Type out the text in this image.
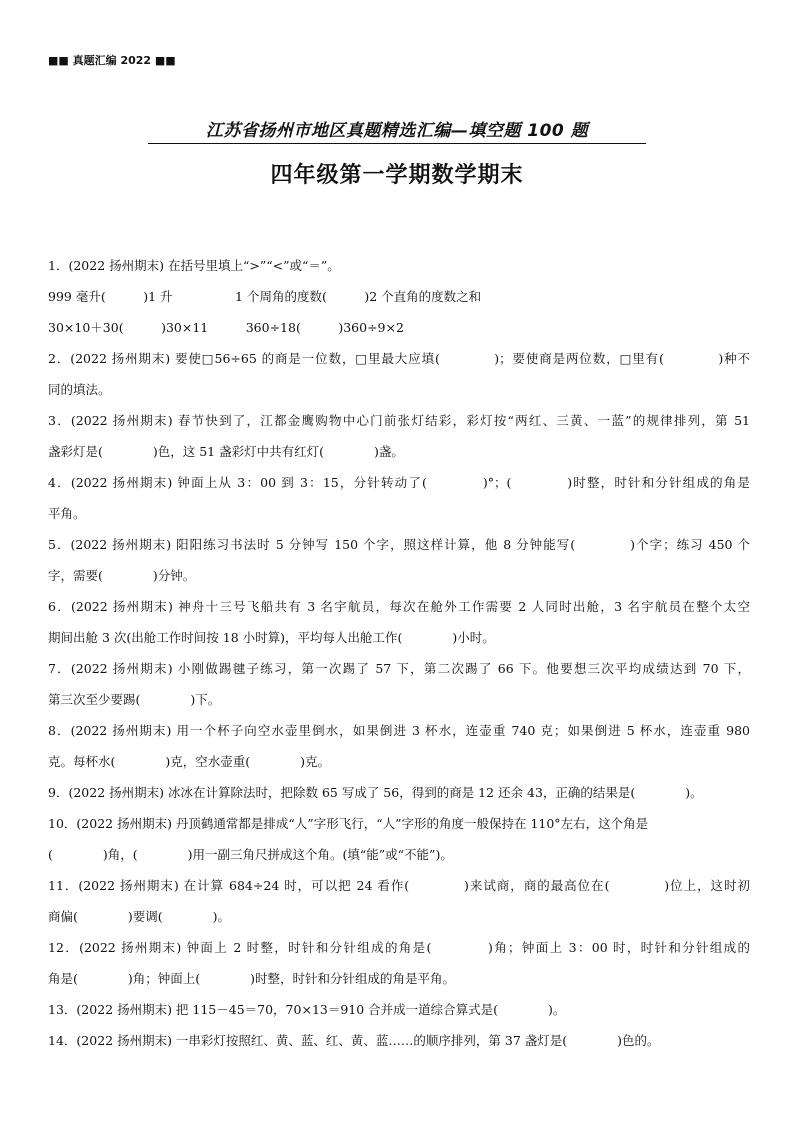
■■ 真题汇编 2022 ■■
江苏省扬州市地区真题精选汇编—填空题 100 题
四年级第一学期数学期末
1．(2022 扬州期末) 在括号里填上“>”“<”或“＝”。
999 毫升(　　　)1 升　　　　　1 个周角的度数(　　　)2 个直角的度数之和
30×10＋30(　　　)30×11　　　360÷18(　　　)360÷9×2
2．(2022 扬州期末) 要使□56÷65 的商是一位数，□里最大应填(　　　　)；要使商是两位数，□里有(　　　　)种不
同的填法。
3．(2022 扬州期末) 春节快到了，江都金鹰购物中心门前张灯结彩，彩灯按“两红、三黄、一蓝”的规律排列，第 51
盏彩灯是(　　　　)色，这 51 盏彩灯中共有红灯(　　　　)盏。
4．(2022 扬州期末) 钟面上从 3：00 到 3：15，分针转动了(　　　　)°；(　　　　)时整，时针和分针组成的角是
平角。
5．(2022 扬州期末) 阳阳练习书法时 5 分钟写 150 个字，照这样计算，他 8 分钟能写(　　　　)个字；练习 450 个
字，需要(　　　　)分钟。
6．(2022 扬州期末) 神舟十三号飞船共有 3 名宇航员，每次在舱外工作需要 2 人同时出舱，3 名宇航员在整个太空
期间出舱 3 次(出舱工作时间按 18 小时算)，平均每人出舱工作(　　　　)小时。
7．(2022 扬州期末) 小刚做踢毽子练习，第一次踢了 57 下，第二次踢了 66 下。他要想三次平均成绩达到 70 下，
第三次至少要踢(　　　　)下。
8．(2022 扬州期末) 用一个杯子向空水壶里倒水，如果倒进 3 杯水，连壶重 740 克；如果倒进 5 杯水，连壶重 980
克。每杯水(　　　　)克，空水壶重(　　　　)克。
9．(2022 扬州期末) 冰冰在计算除法时，把除数 65 写成了 56，得到的商是 12 还余 43，正确的结果是(　　　　)。
10．(2022 扬州期末) 丹顶鹤通常都是排成“人”字形飞行，“人”字形的角度一般保持在 110°左右，这个角是
(　　　　)角，(　　　　)用一副三角尺拼成这个角。(填“能”或“不能”)。
11．(2022 扬州期末) 在计算 684÷24 时，可以把 24 看作(　　　　)来试商，商的最高位在(　　　　)位上，这时初
商偏(　　　　)要调(　　　　)。
12．(2022 扬州期末) 钟面上 2 时整，时针和分针组成的角是(　　　　)角；钟面上 3：00 时，时针和分针组成的
角是(　　　　)角；钟面上(　　　　)时整，时针和分针组成的角是平角。
13．(2022 扬州期末) 把 115－45＝70，70×13＝910 合并成一道综合算式是(　　　　)。
14．(2022 扬州期末) 一串彩灯按照红、黄、蓝、红、黄、蓝……的顺序排列，第 37 盏灯是(　　　　)色的。
